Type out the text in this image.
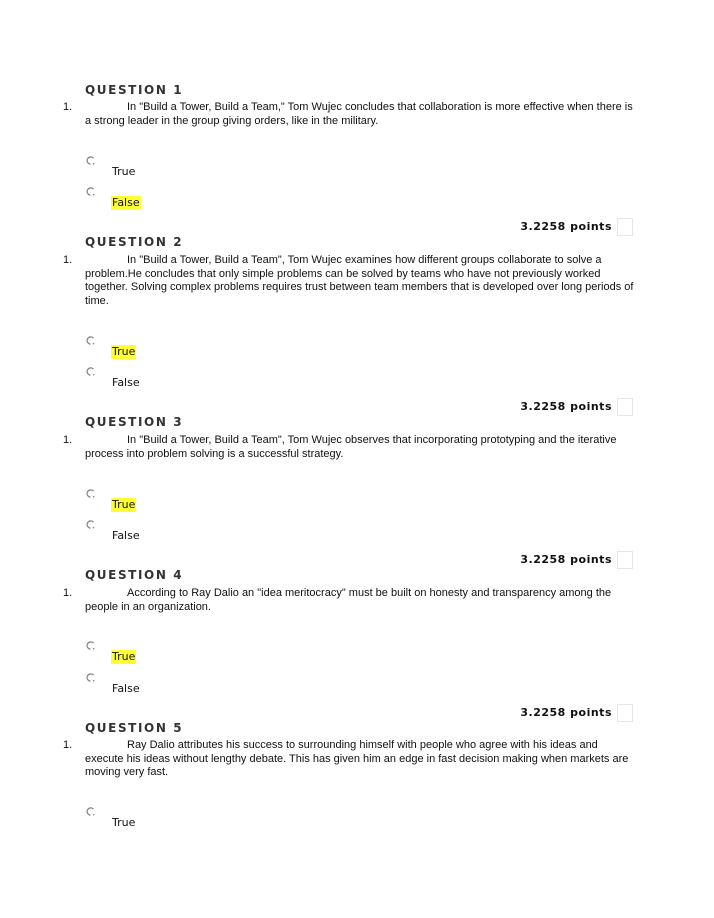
QUESTION 1
1.	In "Build a Tower, Build a Team," Tom Wujec concludes that collaboration is more effective when there is a strong leader in the group giving orders, like in the military.
True
False
3.2258 points
QUESTION 2
1.	In "Build a Tower, Build a Team", Tom Wujec examines how different groups collaborate to solve a problem.He concludes that only simple problems can be solved by teams who have not previously worked together. Solving complex problems requires trust between team members that is developed over long periods of time.
True
False
3.2258 points
QUESTION 3
1.	In "Build a Tower, Build a Team", Tom Wujec observes that incorporating prototyping and the iterative process into problem solving is a successful strategy.
True
False
3.2258 points
QUESTION 4
1.	According to Ray Dalio an "idea meritocracy" must be built on honesty and transparency among the people in an organization.
True
False
3.2258 points
QUESTION 5
1.	Ray Dalio attributes his success to surrounding himself with people who agree with his ideas and execute his ideas without lengthy debate. This has given him an edge in fast decision making when markets are moving very fast.
True
